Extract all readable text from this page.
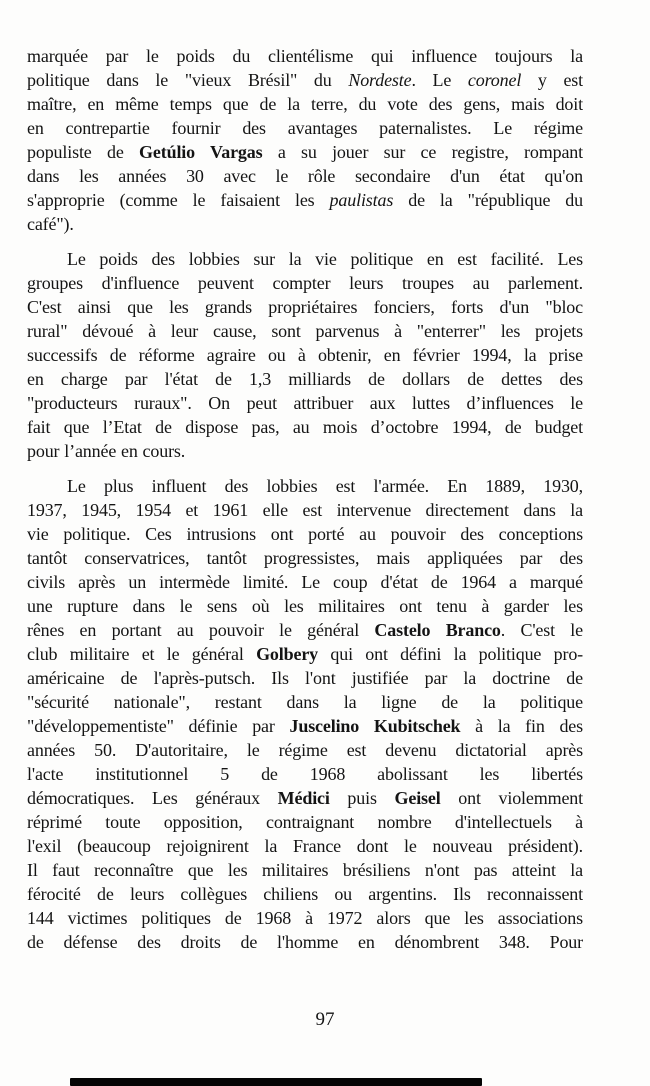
marquée par le poids du clientélisme qui influence toujours la
politique dans le "vieux Brésil" du Nordeste. Le coronel y est
maître, en même temps que de la terre, du vote des gens, mais doit
en contrepartie fournir des avantages paternalistes. Le régime
populiste de Getúlio Vargas a su jouer sur ce registre, rompant
dans les années 30 avec le rôle secondaire d'un état qu'on
s'approprie (comme le faisaient les paulistas de la "république du
café").
Le poids des lobbies sur la vie politique en est facilité. Les
groupes d'influence peuvent compter leurs troupes au parlement.
C'est ainsi que les grands propriétaires fonciers, forts d'un "bloc
rural" dévoué à leur cause, sont parvenus à "enterrer" les projets
successifs de réforme agraire ou à obtenir, en février 1994, la prise
en charge par l'état de 1,3 milliards de dollars de dettes des
"producteurs ruraux". On peut attribuer aux luttes d’influences le
fait que l’Etat de dispose pas, au mois d’octobre 1994, de budget
pour l’année en cours.
Le plus influent des lobbies est l'armée. En 1889, 1930,
1937, 1945, 1954 et 1961 elle est intervenue directement dans la
vie politique. Ces intrusions ont porté au pouvoir des conceptions
tantôt conservatrices, tantôt progressistes, mais appliquées par des
civils après un intermède limité. Le coup d'état de 1964 a marqué
une rupture dans le sens où les militaires ont tenu à garder les
rênes en portant au pouvoir le général Castelo Branco. C'est le
club militaire et le général Golbery qui ont défini la politique pro-
américaine de l'après-putsch. Ils l'ont justifiée par la doctrine de
"sécurité nationale", restant dans la ligne de la politique
"développementiste" définie par Juscelino Kubitschek à la fin des
années 50. D'autoritaire, le régime est devenu dictatorial après
l'acte institutionnel 5 de 1968 abolissant les libertés
démocratiques. Les généraux Médici puis Geisel ont violemment
réprimé toute opposition, contraignant nombre d'intellectuels à
l'exil (beaucoup rejoignirent la France dont le nouveau président).
Il faut reconnaître que les militaires brésiliens n'ont pas atteint la
férocité de leurs collègues chiliens ou argentins. Ils reconnaissent
144 victimes politiques de 1968 à 1972 alors que les associations
de défense des droits de l'homme en dénombrent 348. Pour
97
